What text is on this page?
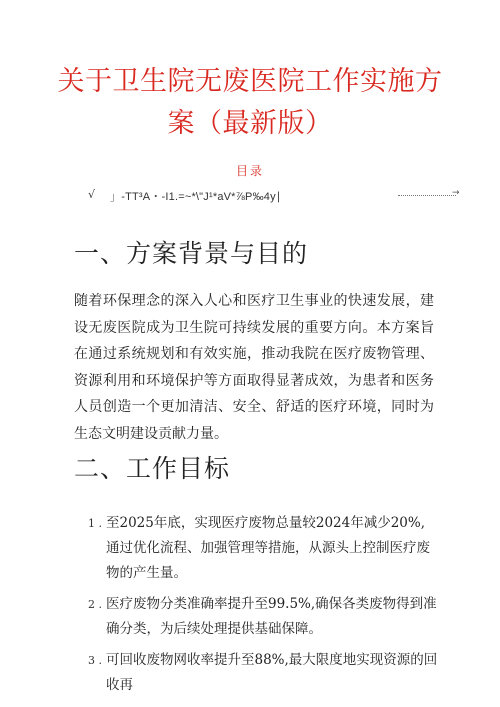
关于卫生院无废医院工作实施方
案（最新版）
目录
√ 」-TT³A・-I1.=~*\"J¹*aV*⅞P‰4y∣	→
一、方案背景与目的
随着环保理念的深入人心和医疗卫生事业的快速发展，建设无废医院成为卫生院可持续发展的重要方向。本方案旨在通过系统规划和有效实施，推动我院在医疗废物管理、资源利用和环境保护等方面取得显著成效，为患者和医务人员创造一个更加清洁、安全、舒适的医疗环境，同时为生态文明建设贡献力量。
二、工作目标
1 . 至2025年底，实现医疗废物总量较2024年减少20%,通过优化流程、加强管理等措施，从源头上控制医疗废物的产生量。
2 . 医疗废物分类准确率提升至99.5%,确保各类废物得到准确分类，为后续处理提供基础保障。
3 . 可回收废物网收率提升至88%,最大限度地实现资源的回收再
